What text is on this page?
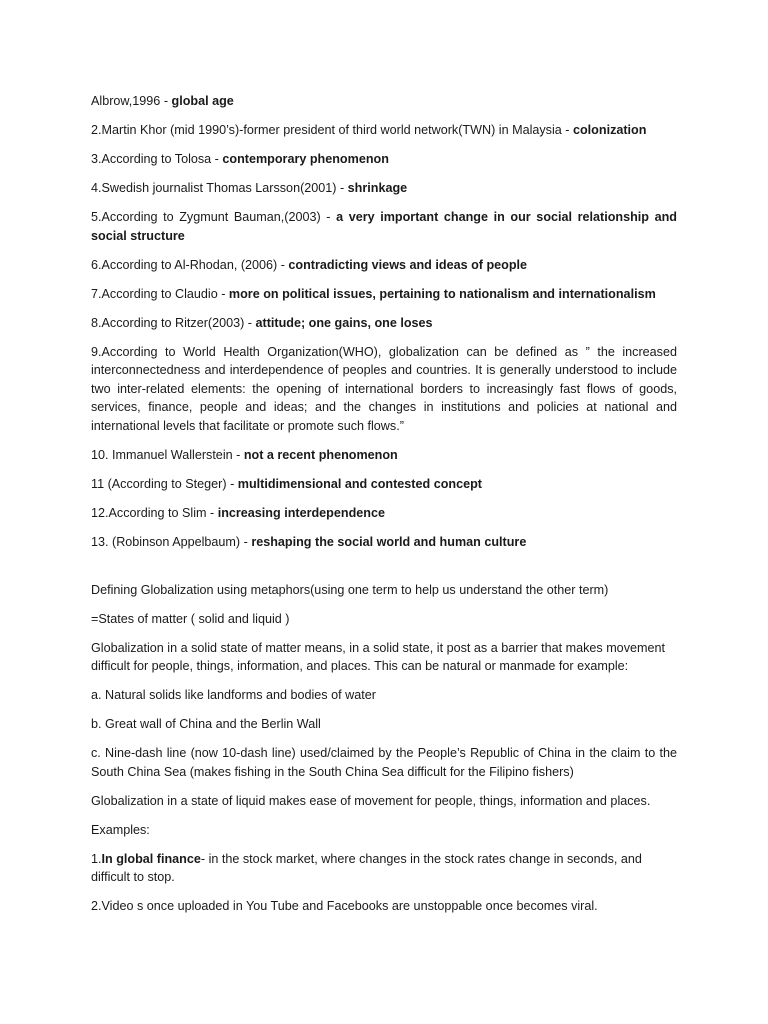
Albrow,1996 - global age

2.Martin Khor (mid 1990’s)-former president of third world network(TWN) in Malaysia - colonization

3.According to Tolosa - contemporary phenomenon

4.Swedish journalist Thomas Larsson(2001) - shrinkage

5.According to Zygmunt Bauman,(2003) - a very important change in our social relationship and social structure

6.According to Al-Rhodan, (2006) - contradicting views and ideas of people

7.According to Claudio - more on political issues, pertaining to nationalism and internationalism

8.According to Ritzer(2003) - attitude; one gains, one loses

9.According to World Health Organization(WHO), globalization can be defined as ” the increased interconnectedness and interdependence of peoples and countries. It is generally understood to include two inter-related elements: the opening of international borders to increasingly fast flows of goods, services, finance, people and ideas; and the changes in institutions and policies at national and international levels that facilitate or promote such flows.”

10. Immanuel Wallerstein - not a recent phenomenon

11 (According to Steger) - multidimensional and contested concept

12.According to Slim - increasing interdependence

13. (Robinson Appelbaum) - reshaping the social world and human culture

Defining Globalization using metaphors(using one term to help us understand the other term)

=States of matter ( solid and liquid )

Globalization in a solid state of matter means, in a solid state, it post as a barrier that makes movement difficult for people, things, information, and places. This can be natural or manmade for example:

a. Natural solids like landforms and bodies of water

b. Great wall of China and the Berlin Wall

c. Nine-dash line (now 10-dash line) used/claimed by the People’s Republic of China in the claim to the South China Sea (makes fishing in the South China Sea difficult for the Filipino fishers)

Globalization in a state of liquid makes ease of movement for people, things, information and places.

Examples:

1.In global finance- in the stock market, where changes in the stock rates change in seconds, and difficult to stop.

2.Video s once uploaded in You Tube and Facebooks are unstoppable once becomes viral.
